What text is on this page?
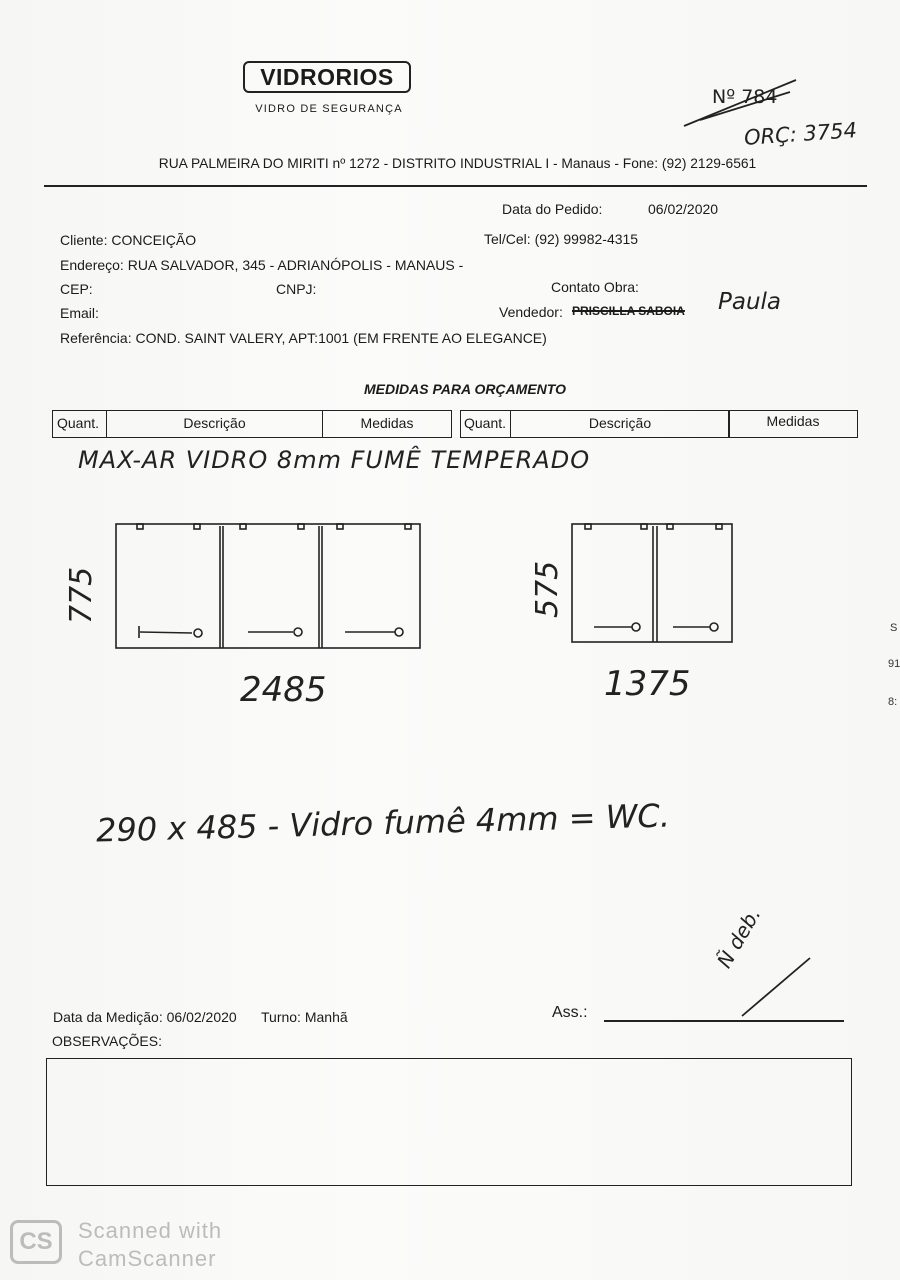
VIDRORIOS
VIDRO DE SEGURANÇA
Nº 784
ORÇ: 3754
RUA PALMEIRA DO MIRITI nº 1272 - DISTRITO INDUSTRIAL I - Manaus - Fone: (92) 2129-6561
Data do Pedido:	06/02/2020
Cliente: CONCEIÇÃO	Tel/Cel: (92) 99982-4315
Endereço: RUA SALVADOR, 345 - ADRIANÓPOLIS - MANAUS -
CEP:	CNPJ:	Contato Obra:
Email:	Vendedor: PRISCILLA SABOIA Paula
Referência: COND. SAINT VALERY, APT:1001 (EM FRENTE AO ELEGANCE)
MEDIDAS PARA ORÇAMENTO
Quant.	Descrição	Medidas	Quant.	Descrição	Medidas
MAX-AR VIDRO 8mm FUMÊ TEMPERADO
775
2485
575
1375
290 x 485 - Vidro fumê 4mm = WC.
Ñ deb.
Data da Medição: 06/02/2020 Turno: Manhã	Ass.:
OBSERVAÇÕES:
S
91
8:
CS	Scanned with
CamScanner
